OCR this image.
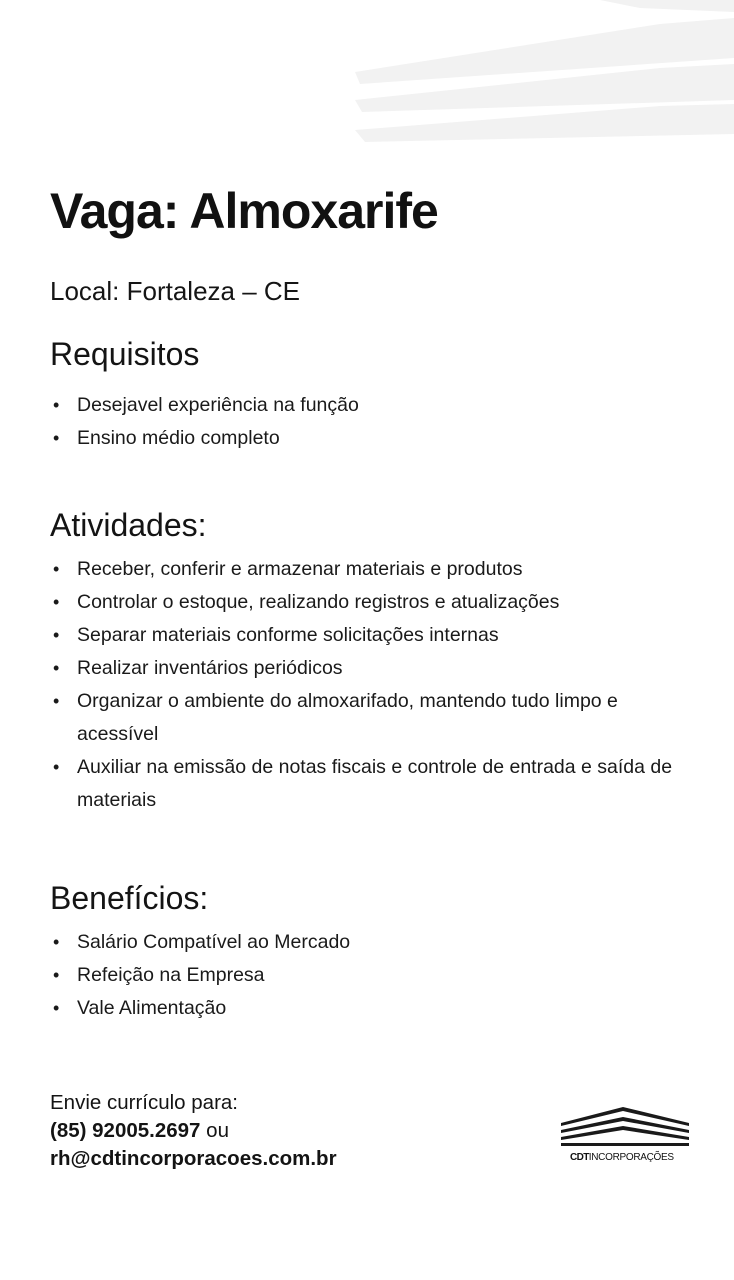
Vaga: Almoxarife
Local: Fortaleza – CE
Requisitos
• Desejavel experiência na função
• Ensino médio completo
Atividades:
• Receber, conferir e armazenar materiais e produtos
• Controlar o estoque, realizando registros e atualizações
• Separar materiais conforme solicitações internas
• Realizar inventários periódicos
• Organizar o ambiente do almoxarifado, mantendo tudo limpo e acessível
• Auxiliar na emissão de notas fiscais e controle de entrada e saída de materiais
Benefícios:
• Salário Compatível ao Mercado
• Refeição na Empresa
• Vale Alimentação
Envie currículo para:
(85) 92005.2697 ou
rh@cdtincorporacoes.com.br	CDTINCORPORAÇÕES
